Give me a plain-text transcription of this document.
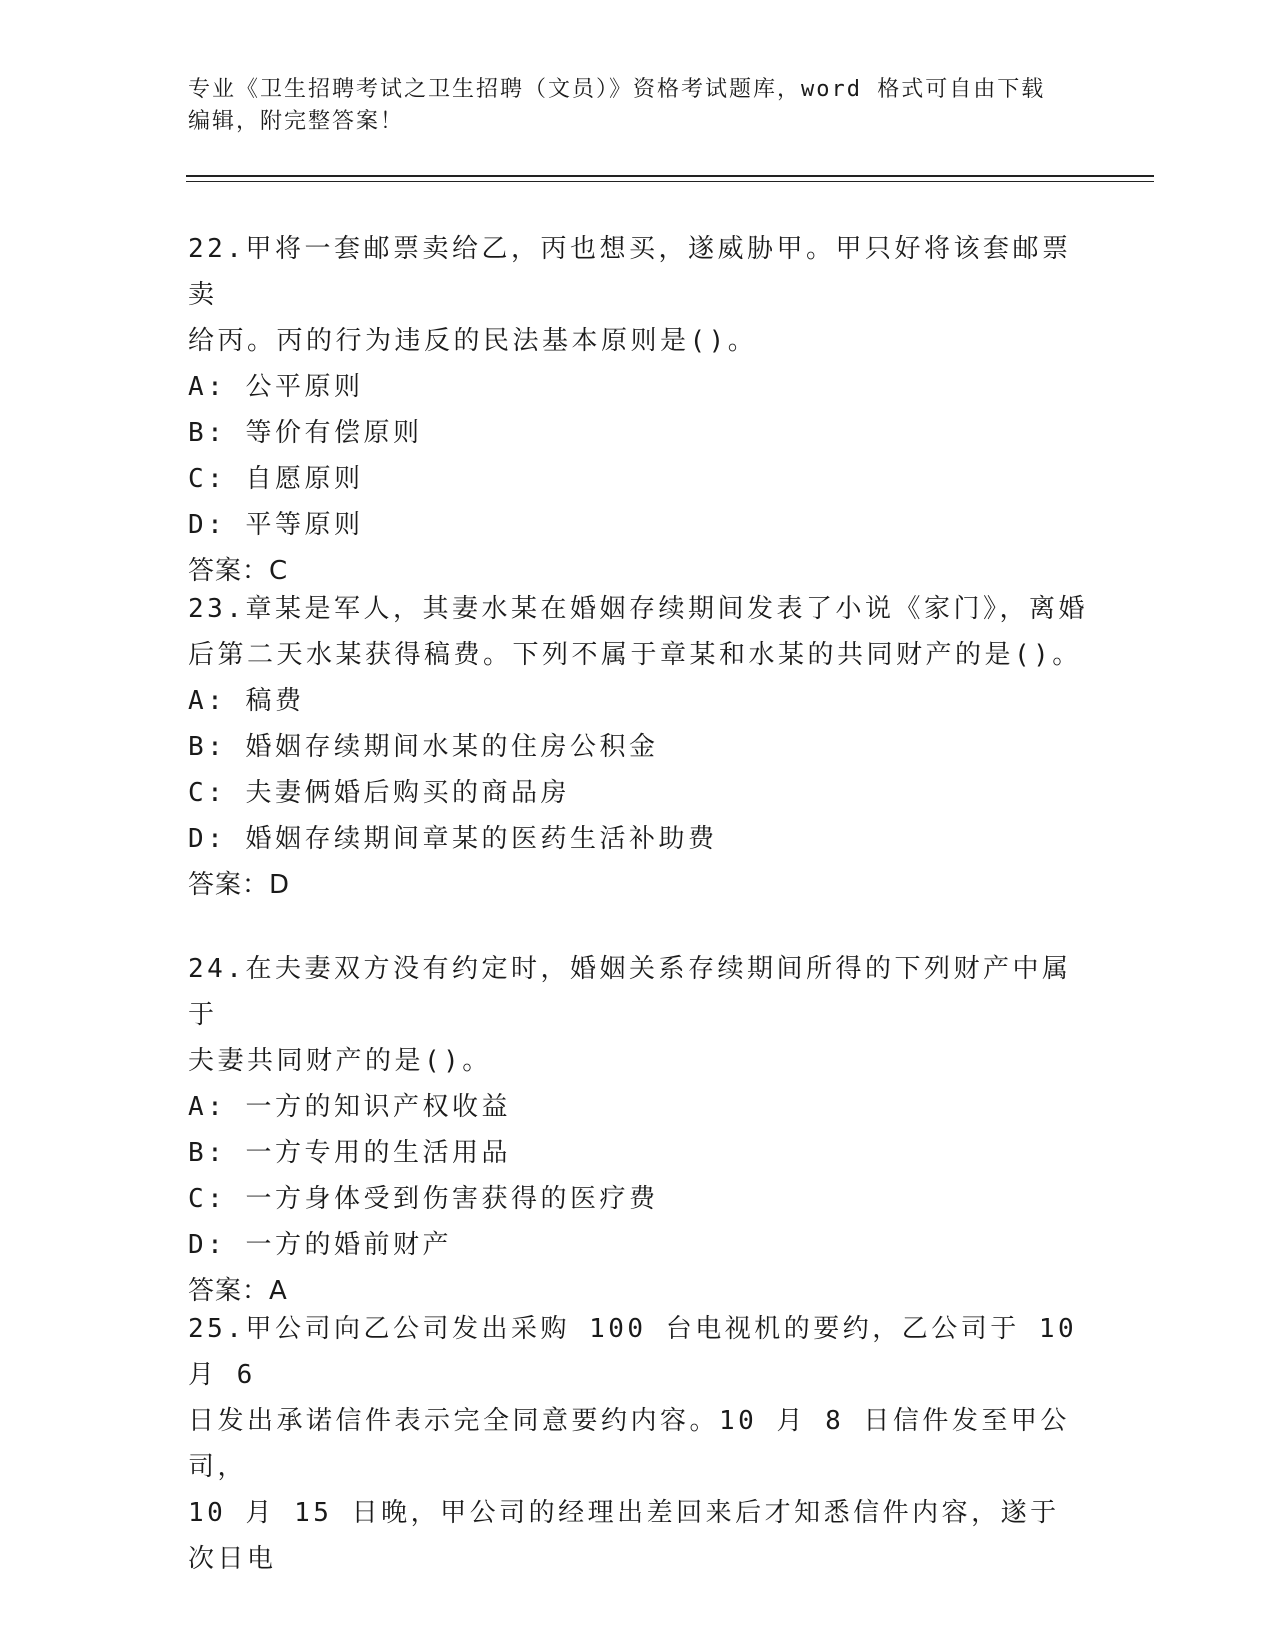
专业《卫生招聘考试之卫生招聘（文员）》资格考试题库，word 格式可自由下载
编辑，附完整答案！

22.甲将一套邮票卖给乙，丙也想买，遂威胁甲。甲只好将该套邮票卖
给丙。丙的行为违反的民法基本原则是()。

A: 公平原则

B: 等价有偿原则

C: 自愿原则

D: 平等原则

答案：C

23.章某是军人，其妻水某在婚姻存续期间发表了小说《家门》，离婚
后第二天水某获得稿费。下列不属于章某和水某的共同财产的是()。

A: 稿费

B: 婚姻存续期间水某的住房公积金

C: 夫妻俩婚后购买的商品房

D: 婚姻存续期间章某的医药生活补助费

答案：D

24.在夫妻双方没有约定时，婚姻关系存续期间所得的下列财产中属于
夫妻共同财产的是()。

A: 一方的知识产权收益

B: 一方专用的生活用品

C: 一方身体受到伤害获得的医疗费

D: 一方的婚前财产

答案：A

25.甲公司向乙公司发出采购 100 台电视机的要约，乙公司于 10 月 6
日发出承诺信件表示完全同意要约内容。10 月 8 日信件发至甲公司，
10 月 15 日晚，甲公司的经理出差回来后才知悉信件内容，遂于次日电
